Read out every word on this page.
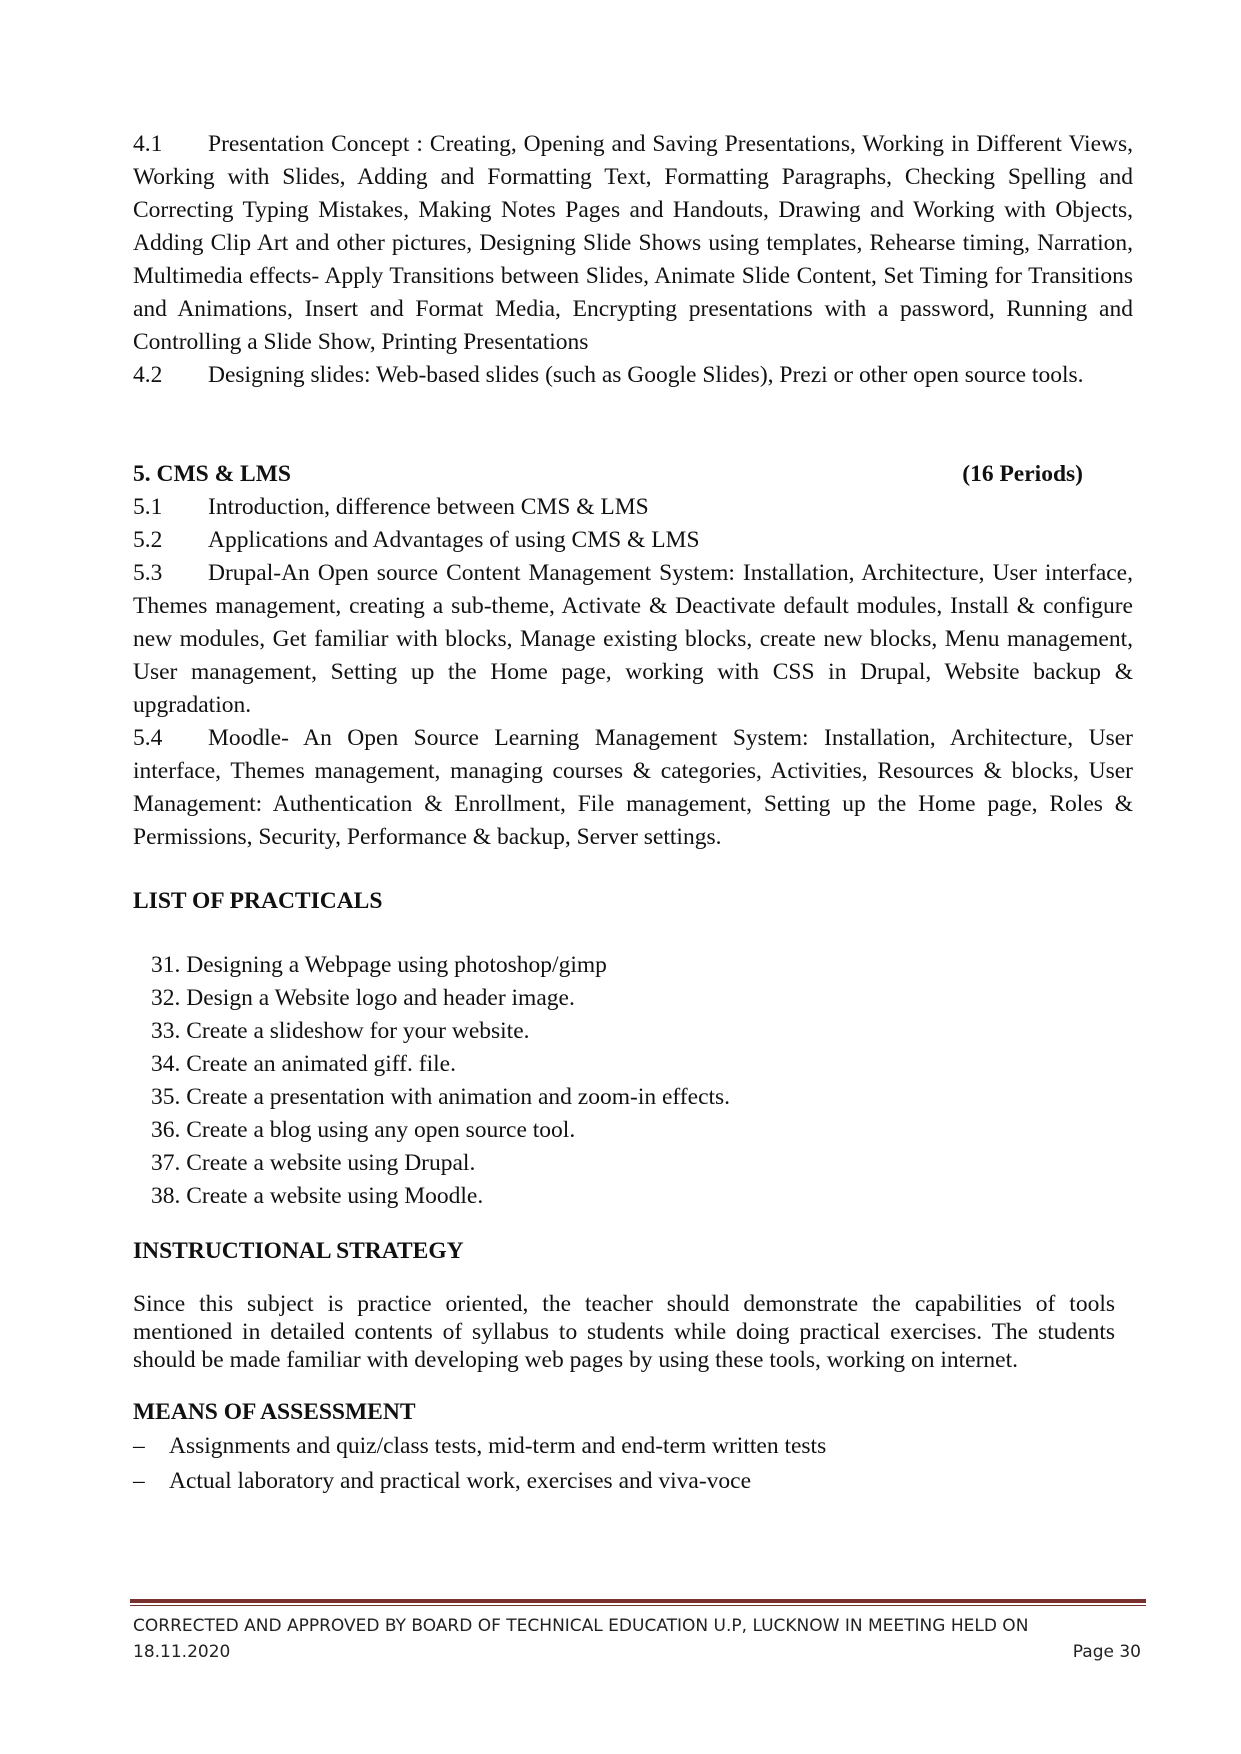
4.1 Presentation Concept : Creating, Opening and Saving Presentations, Working in Different Views, Working with Slides, Adding and Formatting Text, Formatting Paragraphs, Checking Spelling and Correcting Typing Mistakes, Making Notes Pages and Handouts, Drawing and Working with Objects, Adding Clip Art and other pictures, Designing Slide Shows using templates, Rehearse timing, Narration, Multimedia effects- Apply Transitions between Slides, Animate Slide Content, Set Timing for Transitions and Animations, Insert and Format Media, Encrypting presentations with a password, Running and Controlling a Slide Show, Printing Presentations

4.2 Designing slides: Web-based slides (such as Google Slides), Prezi or other open source tools.

5. CMS & LMS	(16 Periods)

5.1 Introduction, difference between CMS & LMS

5.2 Applications and Advantages of using CMS & LMS

5.3 Drupal-An Open source Content Management System: Installation, Architecture, User interface, Themes management, creating a sub-theme, Activate & Deactivate default modules, Install & configure new modules, Get familiar with blocks, Manage existing blocks, create new blocks, Menu management, User management, Setting up the Home page, working with CSS in Drupal, Website backup & upgradation.

5.4 Moodle- An Open Source Learning Management System: Installation, Architecture, User interface, Themes management, managing courses & categories, Activities, Resources & blocks, User Management: Authentication & Enrollment, File management, Setting up the Home page, Roles & Permissions, Security, Performance & backup, Server settings.

LIST OF PRACTICALS

31. Designing a Webpage using photoshop/gimp
32. Design a Website logo and header image.
33. Create a slideshow for your website.
34. Create an animated giff. file.
35. Create a presentation with animation and zoom-in effects.
36. Create a blog using any open source tool.
37. Create a website using Drupal.
38. Create a website using Moodle.

INSTRUCTIONAL STRATEGY

Since this subject is practice oriented, the teacher should demonstrate the capabilities of tools mentioned in detailed contents of syllabus to students while doing practical exercises. The students should be made familiar with developing web pages by using these tools, working on internet.

MEANS OF ASSESSMENT

–	Assignments and quiz/class tests, mid-term and end-term written tests
–	Actual laboratory and practical work, exercises and viva-voce
CORRECTED AND APPROVED BY BOARD OF TECHNICAL EDUCATION U.P, LUCKNOW IN MEETING HELD ON
18.11.2020	Page 30
